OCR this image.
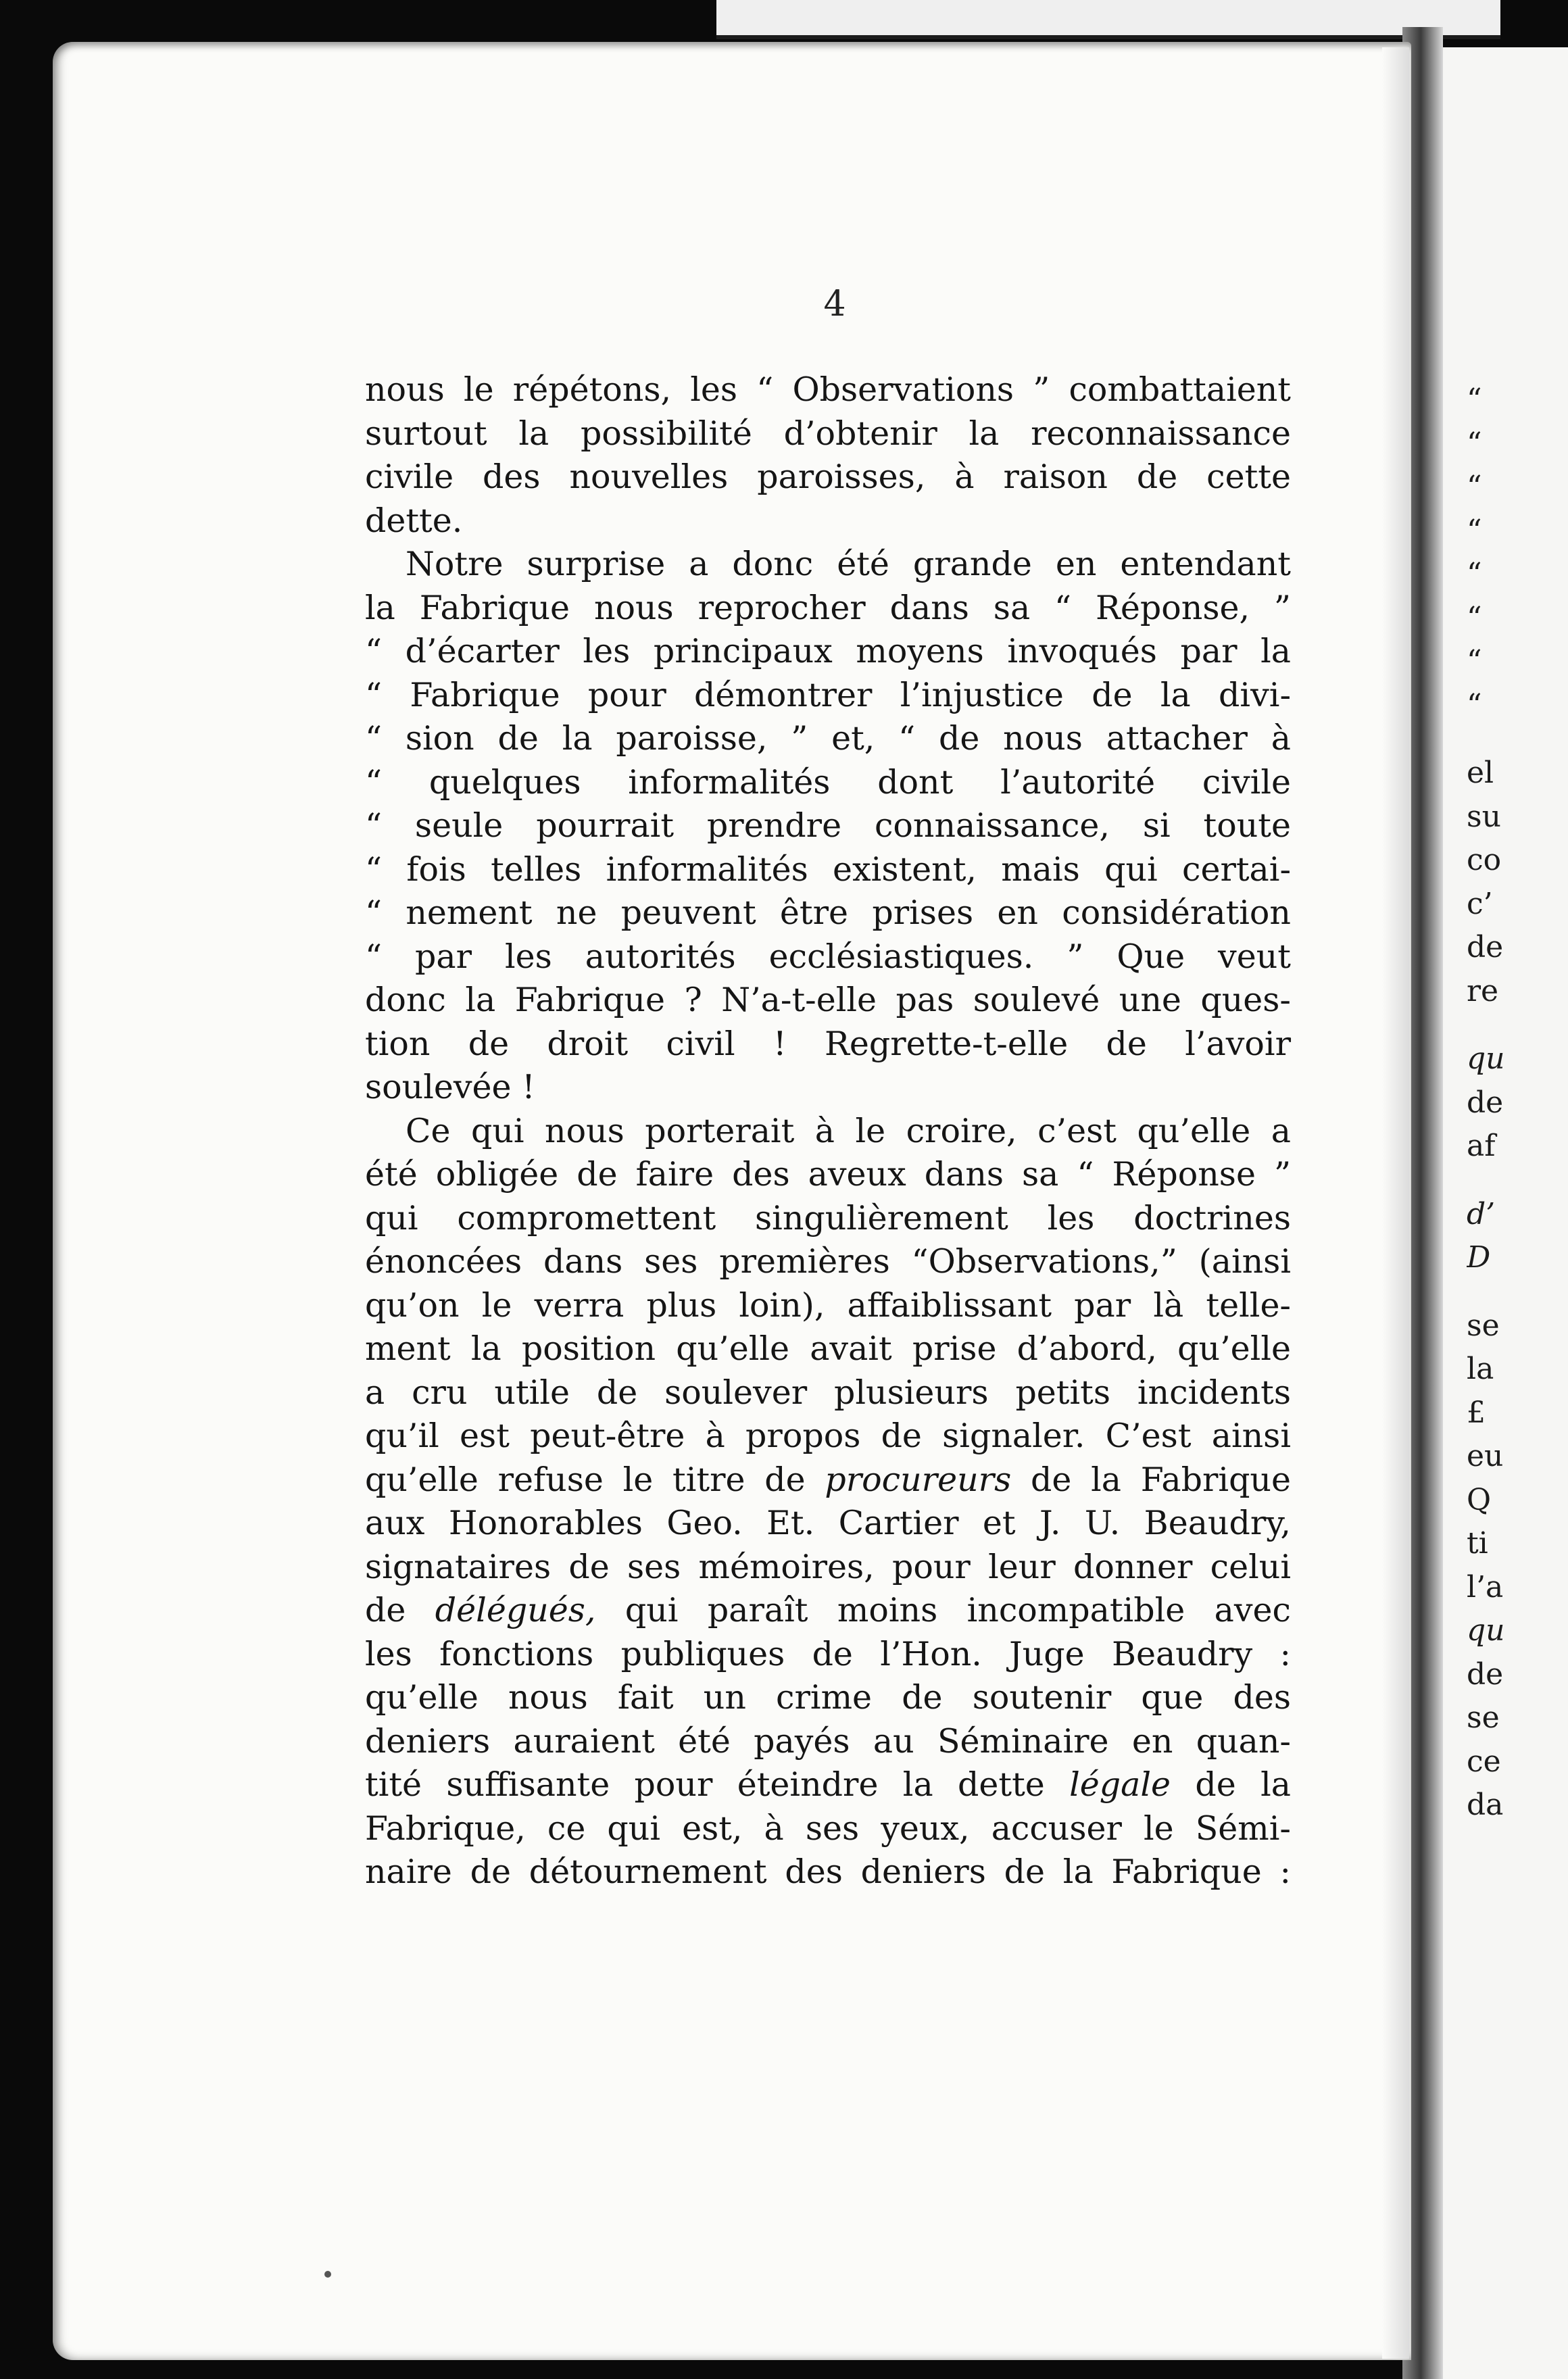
4
nous le répétons, les “ Observations ” combattaient
surtout la possibilité d’obtenir la reconnaissance
civile des nouvelles paroisses, à raison de cette
dette.
Notre surprise a donc été grande en entendant
la Fabrique nous reprocher dans sa “ Réponse, ”
“ d’écarter les principaux moyens invoqués par la
“ Fabrique pour démontrer l’injustice de la divi-
“ sion de la paroisse, ” et, “ de nous attacher à
“ quelques informalités dont l’autorité civile
“ seule pourrait prendre connaissance, si toute
“ fois telles informalités existent, mais qui certai-
“ nement ne peuvent être prises en considération
“ par les autorités ecclésiastiques. ” Que veut
donc la Fabrique ? N’a-t-elle pas soulevé une ques-
tion de droit civil ! Regrette-t-elle de l’avoir
soulevée !
Ce qui nous porterait à le croire, c’est qu’elle a
été obligée de faire des aveux dans sa “ Réponse ”
qui compromettent singulièrement les doctrines
énoncées dans ses premières “Observations,” (ainsi
qu’on le verra plus loin), affaiblissant par là telle-
ment la position qu’elle avait prise d’abord, qu’elle
a cru utile de soulever plusieurs petits incidents
qu’il est peut-être à propos de signaler. C’est ainsi
qu’elle refuse le titre de procureurs de la Fabrique
aux Honorables Geo. Et. Cartier et J. U. Beaudry,
signataires de ses mémoires, pour leur donner celui
de délégués, qui paraît moins incompatible avec
les fonctions publiques de l’Hon. Juge Beaudry :
qu’elle nous fait un crime de soutenir que des
deniers auraient été payés au Séminaire en quan-
tité suffisante pour éteindre la dette légale de la
Fabrique, ce qui est, à ses yeux, accuser le Sémi-
naire de détournement des deniers de la Fabrique :
“
“
“
“
“
“
“
“
el
su
co
c’
de
re
qu
de
af
d’
D
se
la
£
eu
Q
ti
l’a
qu
de
se
ce
da
